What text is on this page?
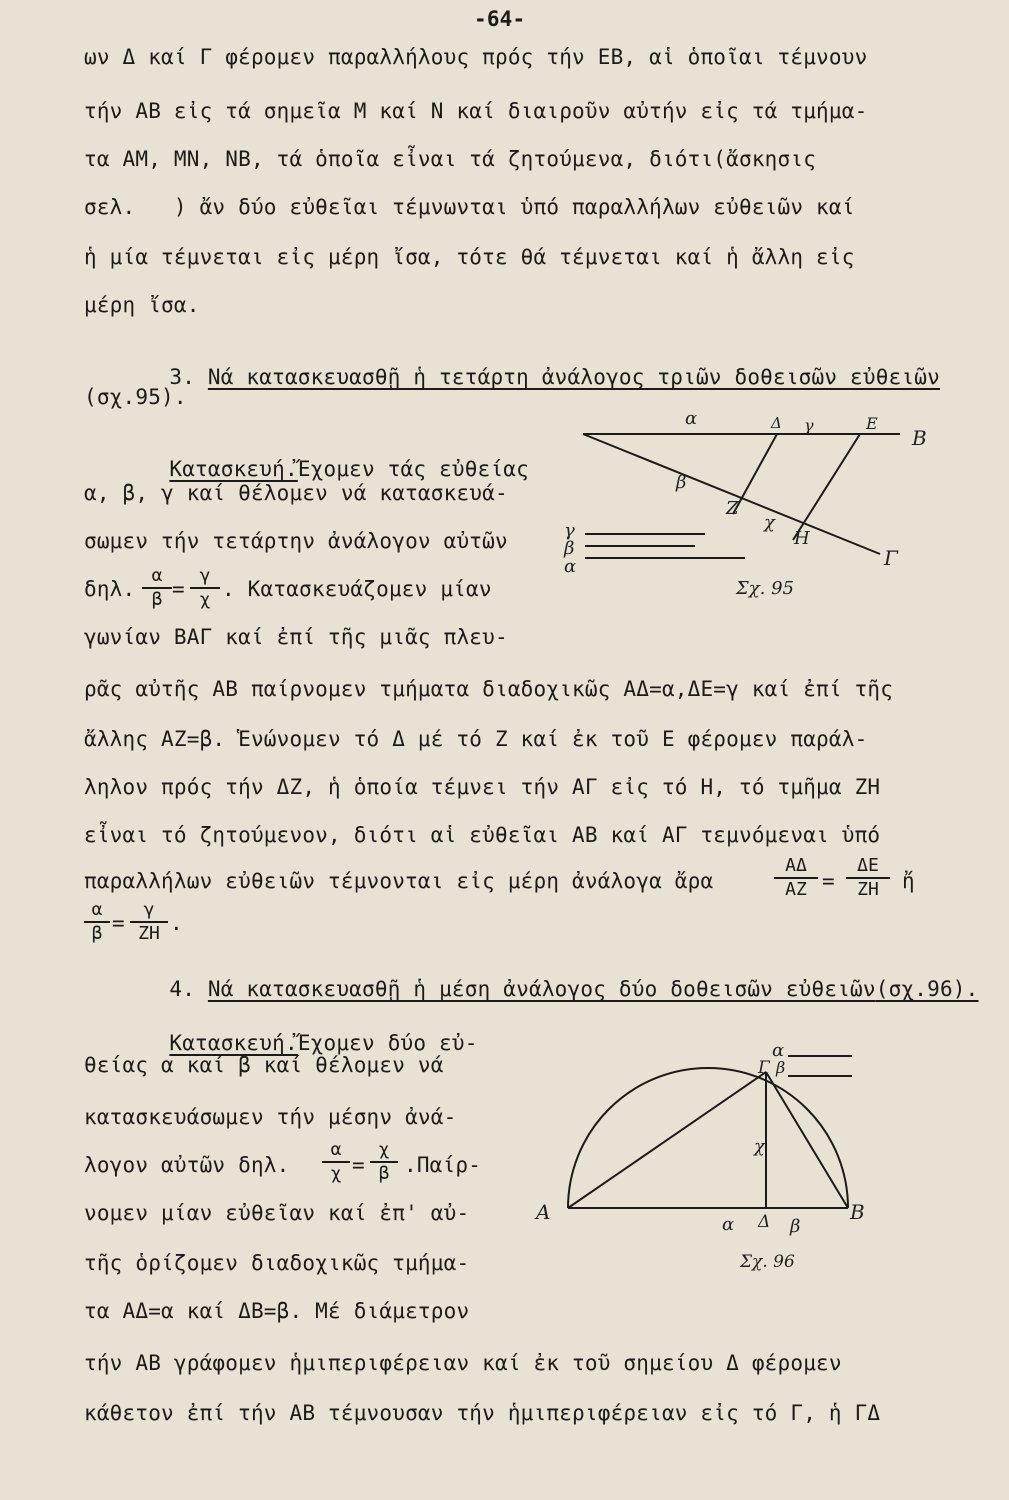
-64-
ων Δ καί Γ φέρομεν παραλλήλους πρός τήν ΕΒ, αἱ ὁποῖαι τέμνουν
τήν ΑΒ εἰς τά σημεῖα Μ καί Ν καί διαιροῦν αὐτήν εἰς τά τμήμα-
τα ΑΜ, ΜΝ, ΝΒ, τά ὁποῖα εἶναι τά ζητούμενα, διότι(ἄσκησις
σελ.   ) ἄν δύο εὐθεῖαι τέμνωνται ὑπό παραλλήλων εὐθειῶν καί
ἡ μία τέμνεται εἰς μέρη ἴσα, τότε θά τέμνεται καί ἡ ἄλλη εἰς
μέρη ἴσα.

3. Νά κατασκευασθῇ ἡ τετάρτη ἀνάλογος τριῶν δοθεισῶν εὐθειῶν

(σχ.95).

Κατασκευή.Ἔχομεν τάς εὐθείας

α, β, γ καί θέλομεν νά κατασκευά-
σωμεν τήν τετάρτην ἀνάλογον αὐτῶν
δηλ.
α
β =
γ
χ . Κατασκευάζομεν μίαν
γωνίαν ΒΑΓ καί ἐπί τῆς μιᾶς πλευ-
ρᾶς αὐτῆς ΑΒ παίρνομεν τμήματα διαδοχικῶς ΑΔ=α,ΔΕ=γ καί ἐπί τῆς
ἄλλης ΑΖ=β. Ἑνώνομεν τό Δ μέ τό Ζ καί ἐκ τοῦ Ε φέρομεν παράλ-
ληλον πρός τήν ΔΖ, ἡ ὁποία τέμνει τήν ΑΓ εἰς τό Η, τό τμῆμα ΖΗ
εἶναι τό ζητούμενον, διότι αἱ εὐθεῖαι ΑΒ καί ΑΓ τεμνόμεναι ὑπό
παραλλήλων εὐθειῶν τέμνονται εἰς μέρη ἀνάλογα ἄρα
ΑΔ
ΑΖ =
ΔΕ
ΖΗ	ἤ
α
β =
γ
ΖΗ .

4. Νά κατασκευασθῇ ἡ μέση ἀνάλογος δύο δοθεισῶν εὐθειῶν(σχ.96).

Κατασκευή.Ἔχομεν δύο εὐ-

θείας α καί β καί θέλομεν νά
κατασκευάσωμεν τήν μέσην ἀνά-
λογον αὐτῶν δηλ.
α
χ =
χ
β .Παίρ-
νομεν μίαν εὐθεῖαν καί ἐπ' αὐ-
τῆς ὁρίζομεν διαδοχικῶς τμήμα-
τα ΑΔ=α καί ΔΒ=β. Μέ διάμετρον
τήν ΑΒ γράφομεν ἡμιπεριφέρειαν καί ἐκ τοῦ σημείου Δ φέρομεν
κάθετον ἐπί τήν ΑΒ τέμνουσαν τήν ἡμιπεριφέρειαν εἰς τό Γ, ἡ ΓΔ
α	Δ γ	Ε
Β
β
Ζ
χ
Η
Γ
γ
β
α
Σχ. 95
α
Γ β
χ
Α
α Δ β
Β
Σχ. 96
